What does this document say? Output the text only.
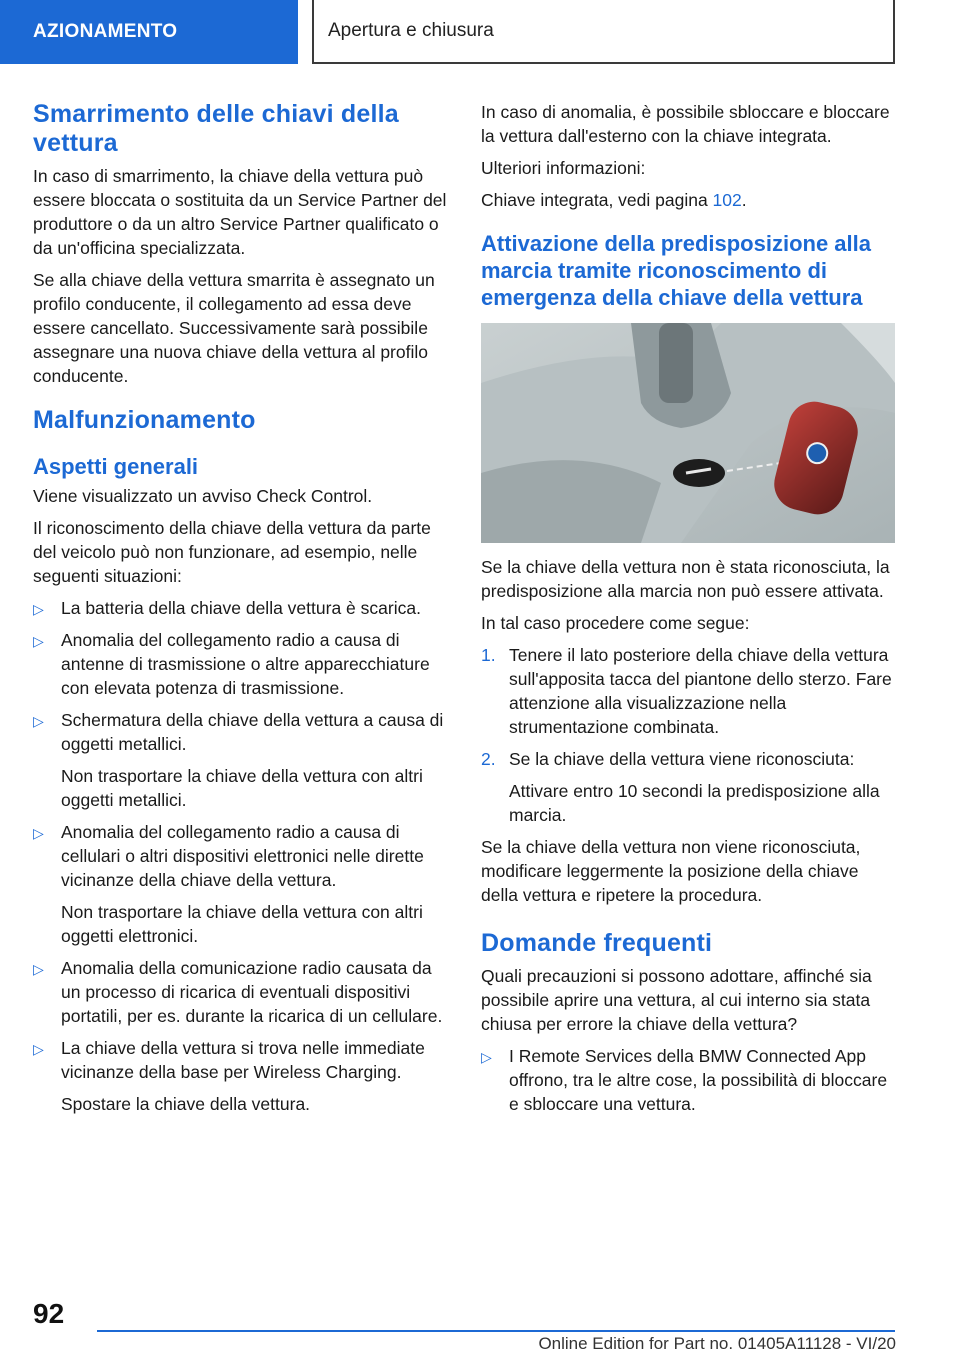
AZIONAMENTO	Apertura e chiusura
Smarrimento delle chiavi della vettura

In caso di smarrimento, la chiave della vettura può essere bloccata o sostituita da un Service Partner del produttore o da un altro Service Partner qualificato o da un'officina specializzata.

Se alla chiave della vettura smarrita è assegnato un profilo conducente, il collegamento ad essa deve essere cancellato. Successivamente sarà possibile assegnare una nuova chiave della vettura al profilo conducente.

Malfunzionamento
Aspetti generali

Viene visualizzato un avviso Check Control.

Il riconoscimento della chiave della vettura da parte del veicolo può non funzionare, ad esempio, nelle seguenti situazioni:

▷ La batteria della chiave della vettura è scarica.
▷ Anomalia del collegamento radio a causa di antenne di trasmissione o altre apparecchiature con elevata potenza di trasmissione.
▷ Schermatura della chiave della vettura a causa di oggetti metallici.
Non trasportare la chiave della vettura con altri oggetti metallici.
▷ Anomalia del collegamento radio a causa di cellulari o altri dispositivi elettronici nelle dirette vicinanze della chiave della vettura.
Non trasportare la chiave della vettura con altri oggetti elettronici.
▷ Anomalia della comunicazione radio causata da un processo di ricarica di eventuali dispositivi portatili, per es. durante la ricarica di un cellulare.
▷ La chiave della vettura si trova nelle immediate vicinanze della base per Wireless Charging.
Spostare la chiave della vettura.

In caso di anomalia, è possibile sbloccare e bloccare la vettura dall'esterno con la chiave integrata.

Ulteriori informazioni:

Chiave integrata, vedi pagina 102.

Attivazione della predisposizione alla marcia tramite riconoscimento di emergenza della chiave della vettura

Se la chiave della vettura non è stata riconosciuta, la predisposizione alla marcia non può essere attivata.

In tal caso procedere come segue:

1. Tenere il lato posteriore della chiave della vettura sull'apposita tacca del piantone dello sterzo. Fare attenzione alla visualizzazione nella strumentazione combinata.
2. Se la chiave della vettura viene riconosciuta:
Attivare entro 10 secondi la predisposizione alla marcia.

Se la chiave della vettura non viene riconosciuta, modificare leggermente la posizione della chiave della vettura e ripetere la procedura.

Domande frequenti

Quali precauzioni si possono adottare, affinché sia possibile aprire una vettura, al cui interno sia stata chiusa per errore la chiave della vettura?

▷ I Remote Services della BMW Connected App offrono, tra le altre cose, la possibilità di bloccare e sbloccare una vettura.
92
Online Edition for Part no. 01405A11128 - VI/20
